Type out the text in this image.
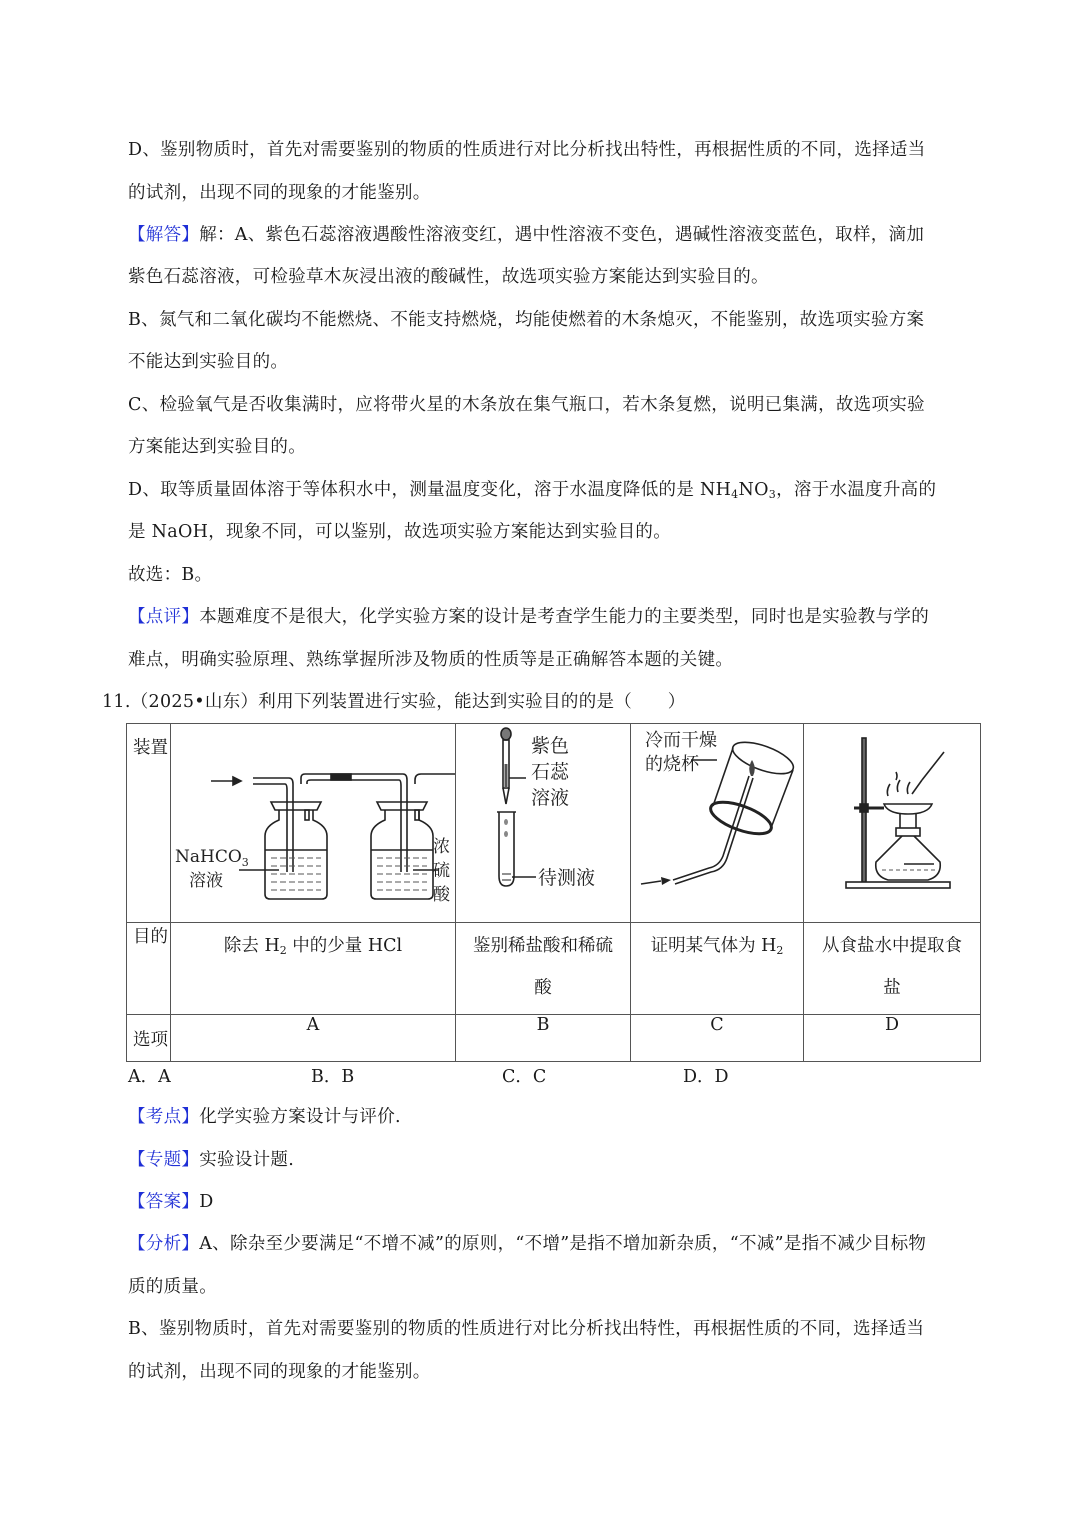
D、鉴别物质时，首先对需要鉴别的物质的性质进行对比分析找出特性，再根据性质的不同，选择适当
的试剂，出现不同的现象的才能鉴别。
【解答】解：A、紫色石蕊溶液遇酸性溶液变红，遇中性溶液不变色，遇碱性溶液变蓝色，取样，滴加
紫色石蕊溶液，可检验草木灰浸出液的酸碱性，故选项实验方案能达到实验目的。
B、氮气和二氧化碳均不能燃烧、不能支持燃烧，均能使燃着的木条熄灭，不能鉴别，故选项实验方案
不能达到实验目的。
C、检验氧气是否收集满时，应将带火星的木条放在集气瓶口，若木条复燃，说明已集满，故选项实验
方案能达到实验目的。
D、取等质量固体溶于等体积水中，测量温度变化，溶于水温度降低的是 $NH_4NO_3$，溶于水温度升高的
是 NaOH，现象不同，可以鉴别，故选项实验方案能达到实验目的。
故选：B。
【点评】本题难度不是很大，化学实验方案的设计是考查学生能力的主要类型，同时也是实验教与学的
难点，明确实验原理、熟练掌握所涉及物质的性质等是正确解答本题的关键。
11.（2025•山东）利用下列装置进行实验，能达到实验目的的是（　　）
装置	NaHCO$_3$
溶液
浓
硫
酸	紫色
石蕊
溶液
待测液	冷而干燥
的烧杯

目的	除去 $H_2$ 中的少量 HCl	鉴别稀盐酸和稀硫
酸	证明某气体为 $H_2$	从食盐水中提取食
盐
选项	A	B	C	D
A．A	B．B	C．C	D．D
【考点】化学实验方案设计与评价.
【专题】实验设计题.
【答案】D
【分析】A、除杂至少要满足“不增不减”的原则，“不增”是指不增加新杂质，“不减”是指不减少目标物
质的质量。
B、鉴别物质时，首先对需要鉴别的物质的性质进行对比分析找出特性，再根据性质的不同，选择适当
的试剂，出现不同的现象的才能鉴别。
